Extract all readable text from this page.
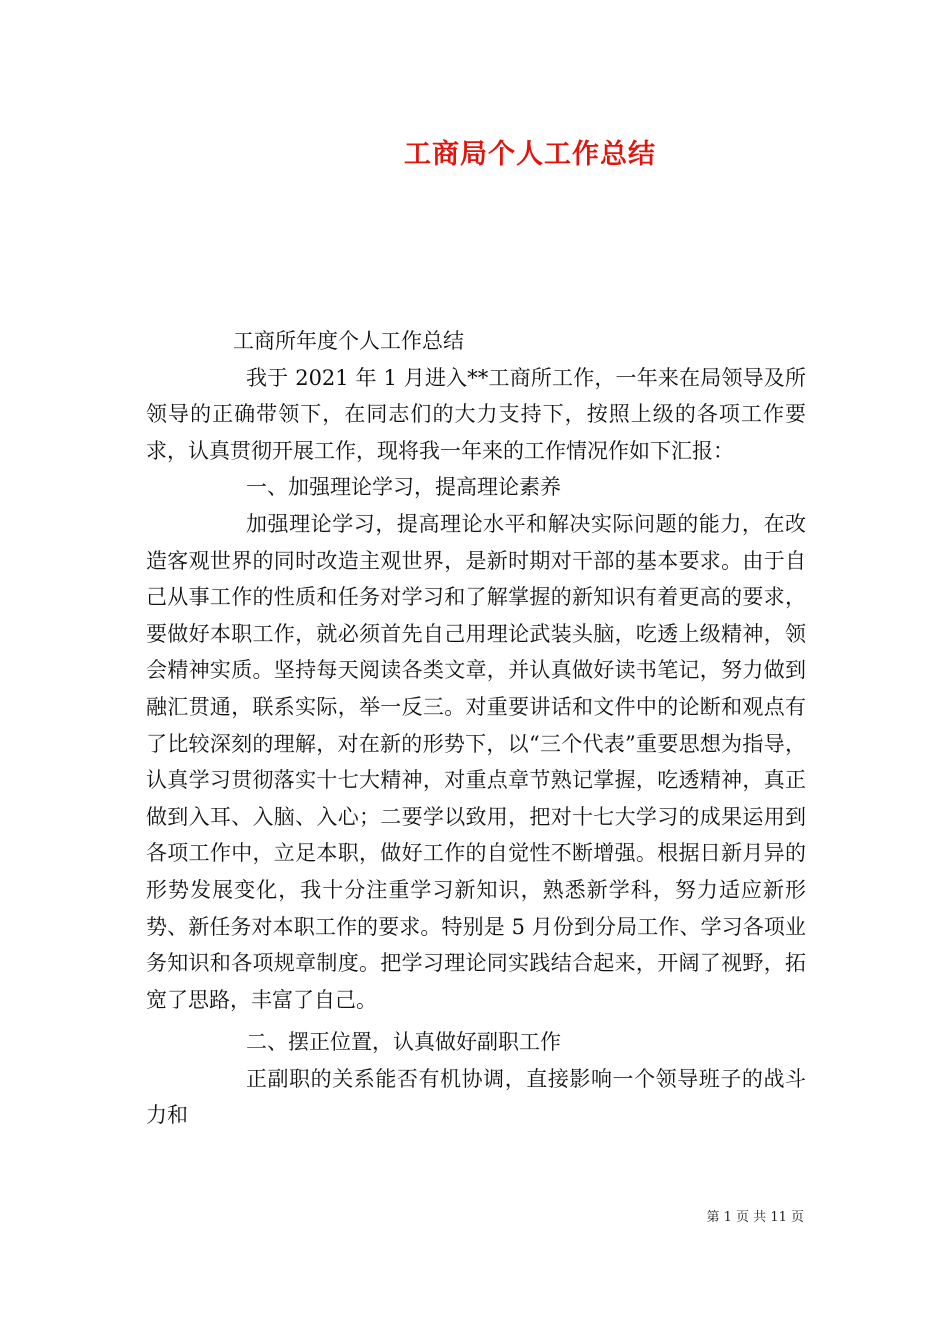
工商局个人工作总结

工商所年度个人工作总结

我于 2021 年 1 月进入**工商所工作，一年来在局领导及所领导的正确带领下，在同志们的大力支持下，按照上级的各项工作要求，认真贯彻开展工作，现将我一年来的工作情况作如下汇报：

一、加强理论学习，提高理论素养

加强理论学习，提高理论水平和解决实际问题的能力，在改造客观世界的同时改造主观世界，是新时期对干部的基本要求。由于自己从事工作的性质和任务对学习和了解掌握的新知识有着更高的要求，要做好本职工作，就必须首先自己用理论武装头脑，吃透上级精神，领会精神实质。坚持每天阅读各类文章，并认真做好读书笔记，努力做到融汇贯通，联系实际，举一反三。对重要讲话和文件中的论断和观点有了比较深刻的理解，对在新的形势下，以“三个代表”重要思想为指导，认真学习贯彻落实十七大精神，对重点章节熟记掌握，吃透精神，真正做到入耳、入脑、入心；二要学以致用，把对十七大学习的成果运用到各项工作中，立足本职，做好工作的自觉性不断增强。根据日新月异的形势发展变化，我十分注重学习新知识，熟悉新学科，努力适应新形势、新任务对本职工作的要求。特别是 5 月份到分局工作、学习各项业务知识和各项规章制度。把学习理论同实践结合起来，开阔了视野，拓宽了思路，丰富了自己。

二、摆正位置，认真做好副职工作

正副职的关系能否有机协调，直接影响一个领导班子的战斗力和

第 1 页 共 11 页
